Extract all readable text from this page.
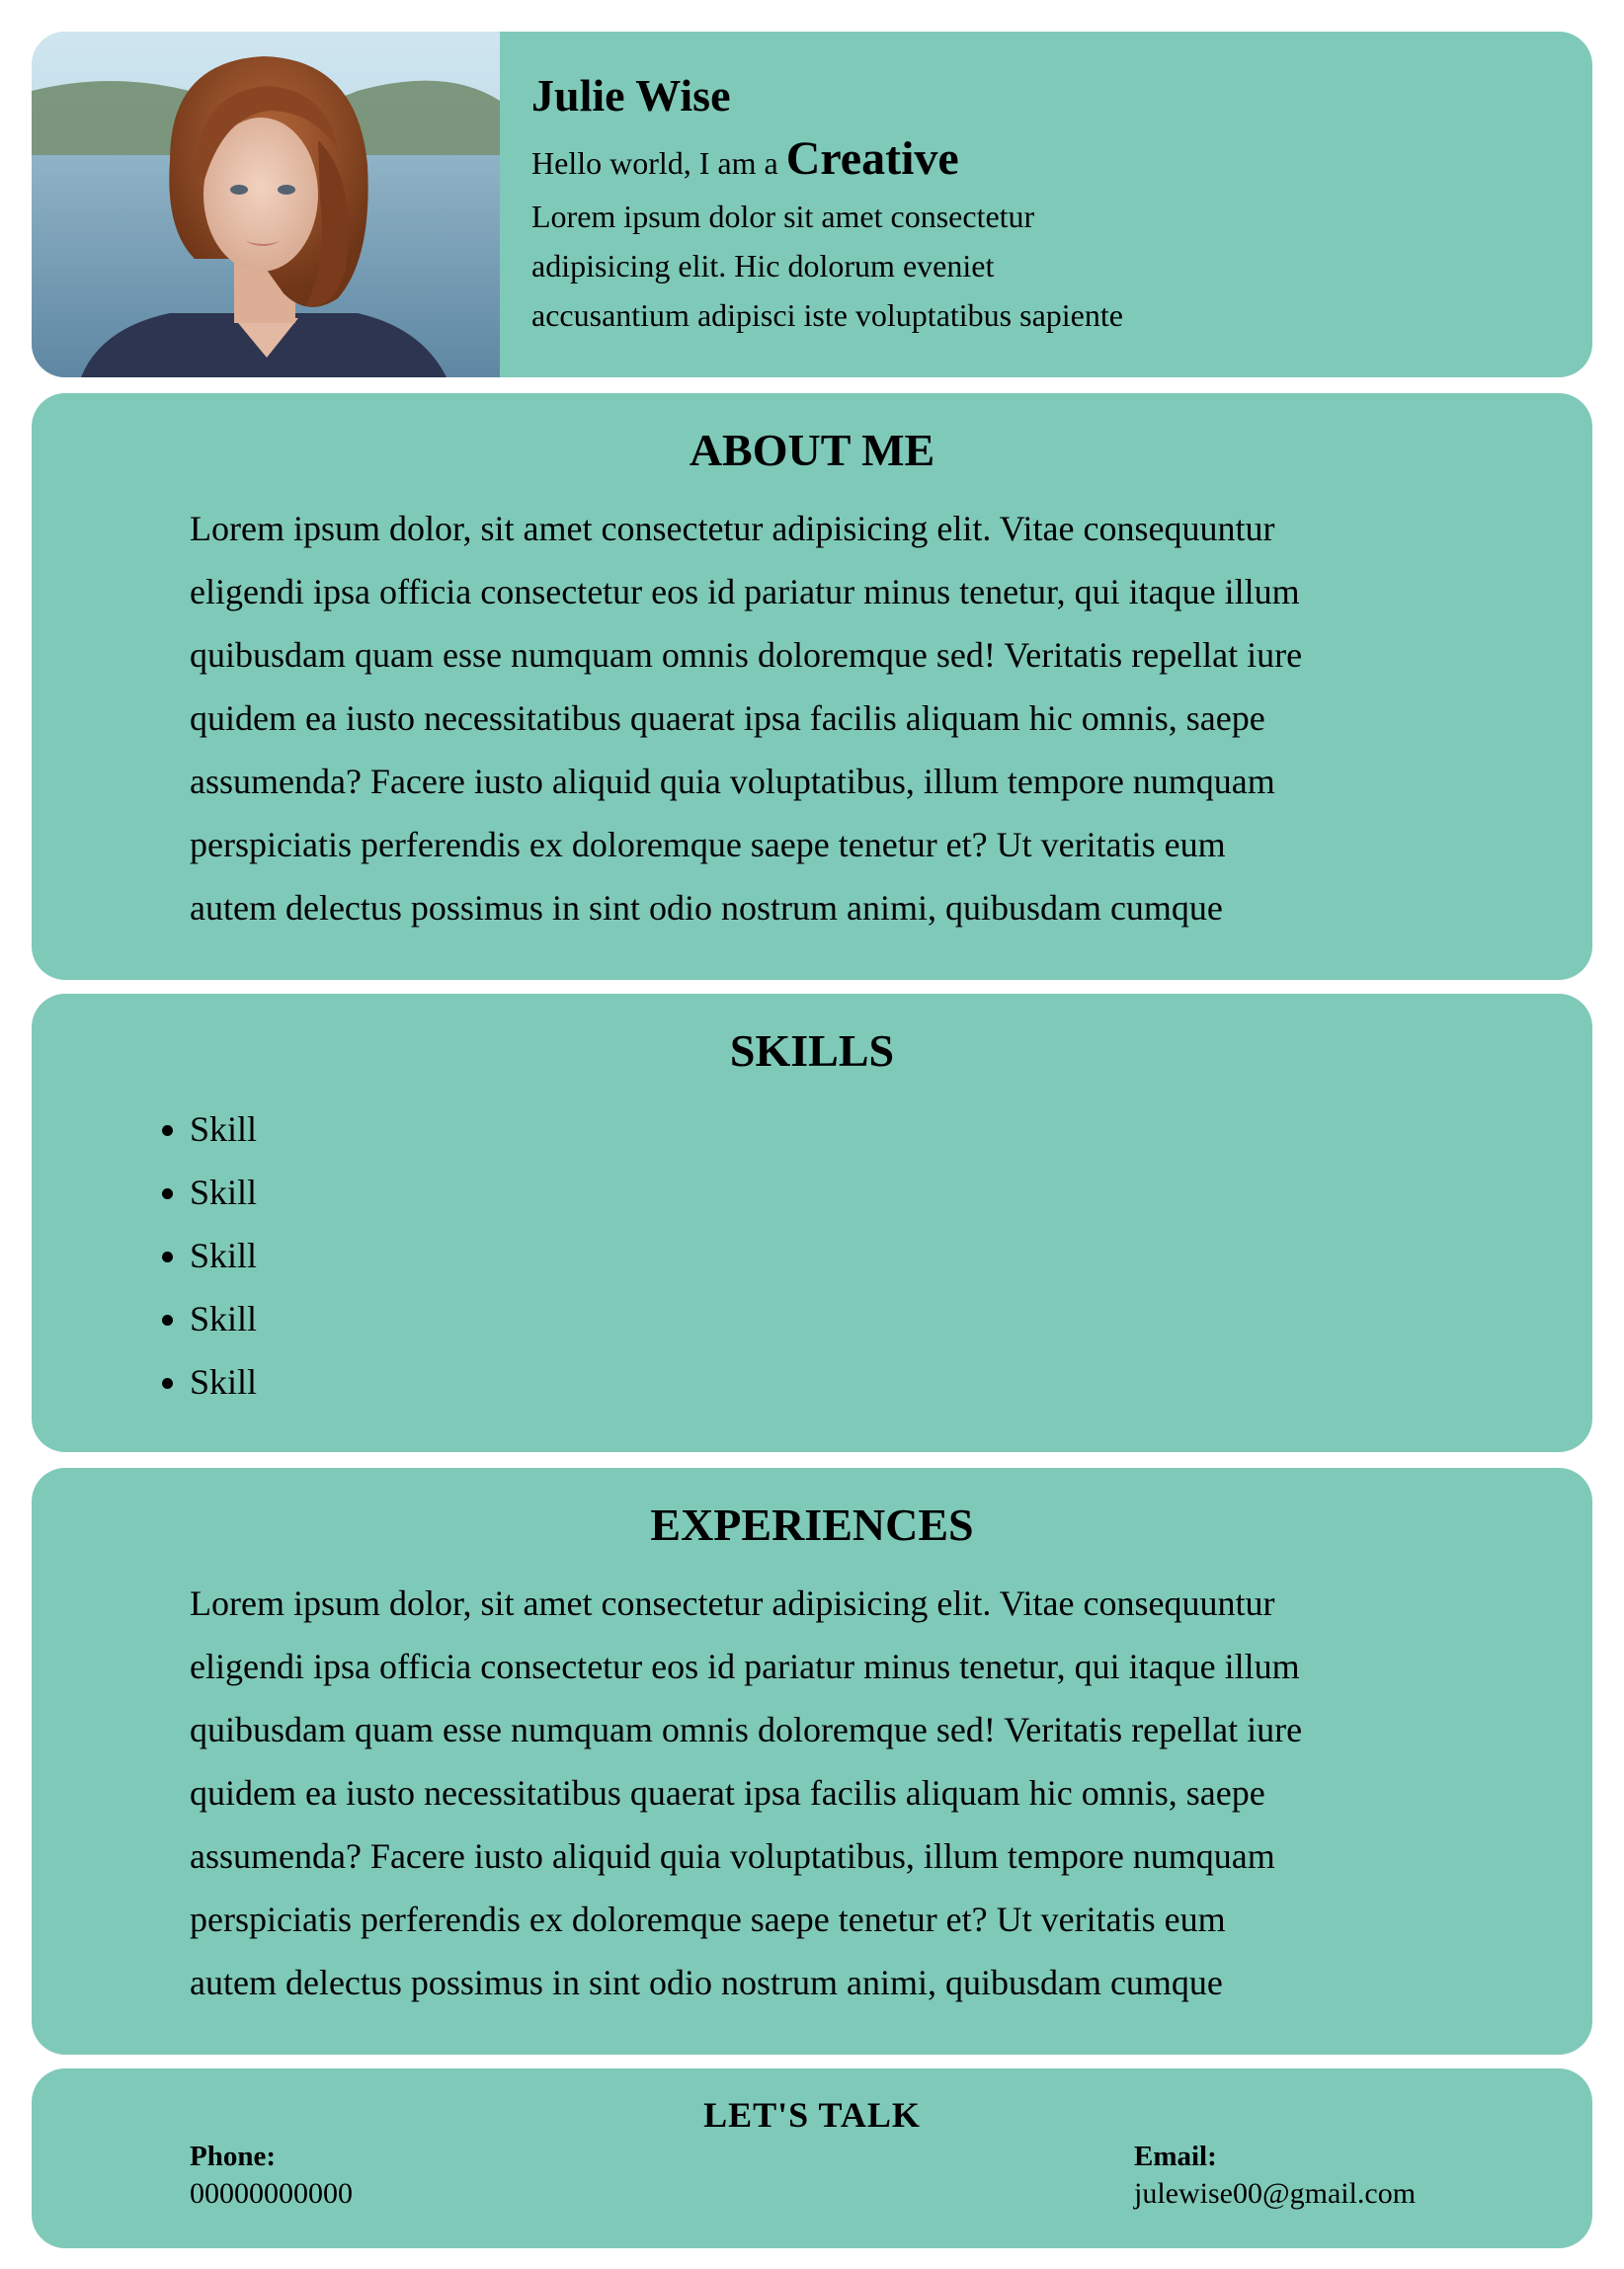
Julie Wise
Hello world, I am a Creative
Lorem ipsum dolor sit amet consectetur
adipisicing elit. Hic dolorum eveniet
accusantium adipisci iste voluptatibus sapiente
ABOUT ME
Lorem ipsum dolor, sit amet consectetur adipisicing elit. Vitae consequuntur
eligendi ipsa officia consectetur eos id pariatur minus tenetur, qui itaque illum
quibusdam quam esse numquam omnis doloremque sed! Veritatis repellat iure
quidem ea iusto necessitatibus quaerat ipsa facilis aliquam hic omnis, saepe
assumenda? Facere iusto aliquid quia voluptatibus, illum tempore numquam
perspiciatis perferendis ex doloremque saepe tenetur et? Ut veritatis eum
autem delectus possimus in sint odio nostrum animi, quibusdam cumque
SKILLS
Skill
Skill
Skill
Skill
Skill
EXPERIENCES
Lorem ipsum dolor, sit amet consectetur adipisicing elit. Vitae consequuntur
eligendi ipsa officia consectetur eos id pariatur minus tenetur, qui itaque illum
quibusdam quam esse numquam omnis doloremque sed! Veritatis repellat iure
quidem ea iusto necessitatibus quaerat ipsa facilis aliquam hic omnis, saepe
assumenda? Facere iusto aliquid quia voluptatibus, illum tempore numquam
perspiciatis perferendis ex doloremque saepe tenetur et? Ut veritatis eum
autem delectus possimus in sint odio nostrum animi, quibusdam cumque
LET'S TALK
Phone:
00000000000
Email:
julewise00@gmail.com
